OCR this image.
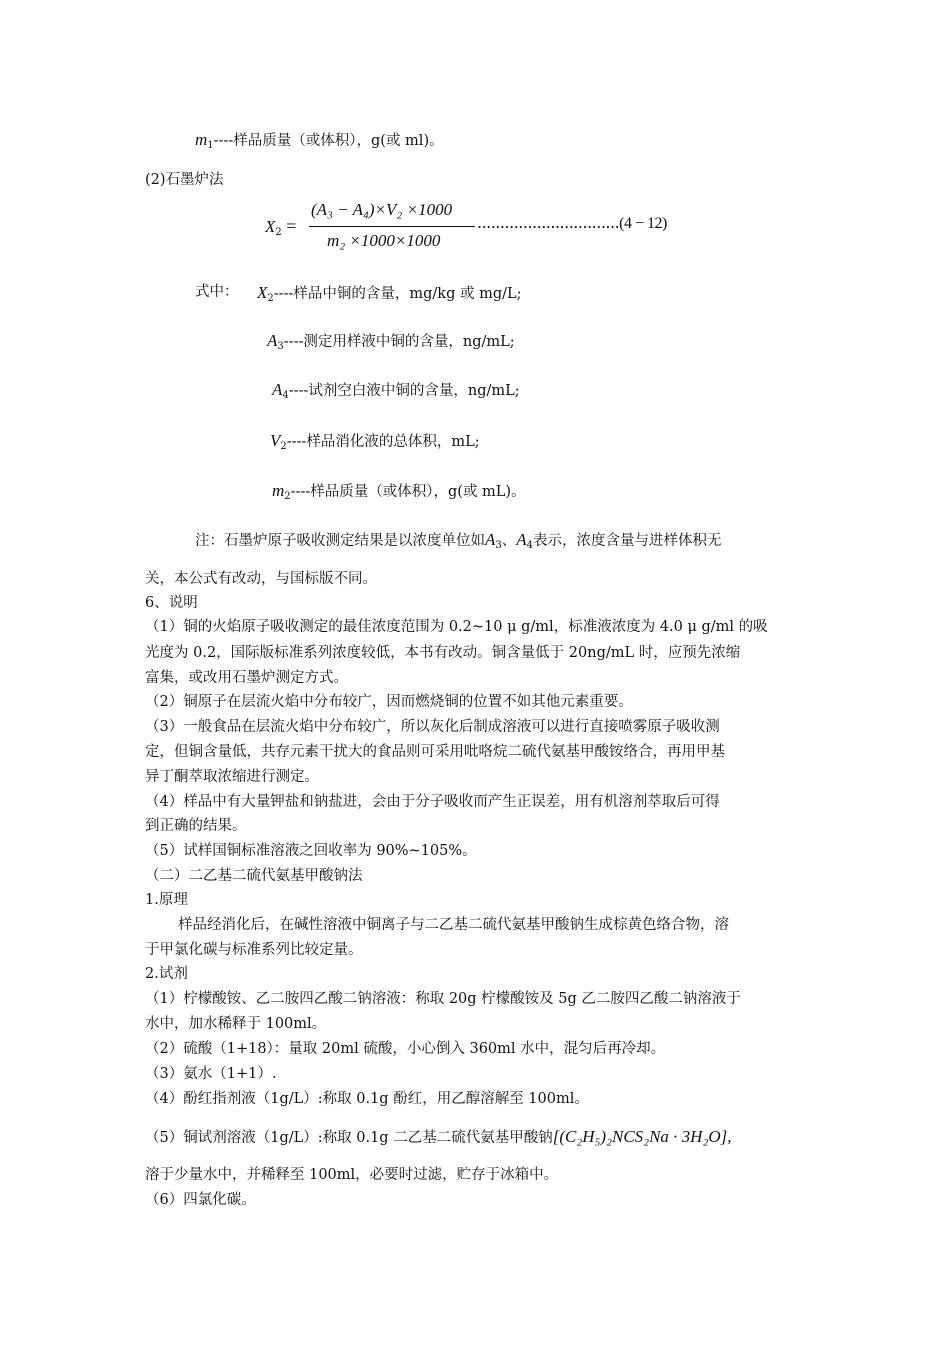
$m_1----$样品质量（或体积），g(或 ml)。
(2)石墨炉法
$X_2$ =
(A₃ − A₄)×V₂ ×1000
m₂ ×1000×1000
...............................(4 − 12)
式中： $X_2----$样品中铜的含量，mg/kg 或 mg/L;
$A_3----$测定用样液中铜的含量，ng/mL;
$A_4----$试剂空白液中铜的含量，ng/mL;
$V_2----$样品消化液的总体积，mL;
$m_2----$样品质量（或体积），g(或 mL)。
注：石墨炉原子吸收测定结果是以浓度单位如$A_3$、$A_4$表示，浓度含量与进样体积无
关，本公式有改动，与国标版不同。
6、说明
（1）铜的火焰原子吸收测定的最佳浓度范围为 0.2~10 μ g/ml，标准液浓度为 4.0 μ g/ml 的吸
光度为 0.2，国际版标准系列浓度较低，本书有改动。铜含量低于 20ng/mL 时，应预先浓缩
富集，或改用石墨炉测定方式。
（2）铜原子在层流火焰中分布较广，因而燃烧铜的位置不如其他元素重要。
（3）一般食品在层流火焰中分布较广，所以灰化后制成溶液可以进行直接喷雾原子吸收测
定，但铜含量低，共存元素干扰大的食品则可采用吡咯烷二硫代氨基甲酸铵络合，再用甲基
异丁酮萃取浓缩进行测定。
（4）样品中有大量钾盐和钠盐进，会由于分子吸收而产生正误差，用有机溶剂萃取后可得
到正确的结果。
（5）试样国铜标准溶液之回收率为 90%~105%。
（二）二乙基二硫代氨基甲酸钠法
1.原理
样品经消化后，在碱性溶液中铜离子与二乙基二硫代氨基甲酸钠生成棕黄色络合物，溶
于甲氯化碳与标准系列比较定量。
2.试剂
（1）柠檬酸铵、乙二胺四乙酸二钠溶液：称取 20g 柠檬酸铵及 5g 乙二胺四乙酸二钠溶液于
水中，加水稀释于 100ml。
（2）硫酸（1+18）：量取 20ml 硫酸，小心倒入 360ml 水中，混匀后再冷却。
（3）氨水（1+1）.
（4）酚红指剂液（1g/L）:称取 0.1g 酚红，用乙醇溶解至 100ml。
（5）铜试剂溶液（1g/L）:称取 0.1g 二乙基二硫代氨基甲酸钠[(C₂H₅)₂NCS₂Na · 3H₂O],
溶于少量水中，并稀释至 100ml，必要时过滤，贮存于冰箱中。
（6）四氯化碳。
